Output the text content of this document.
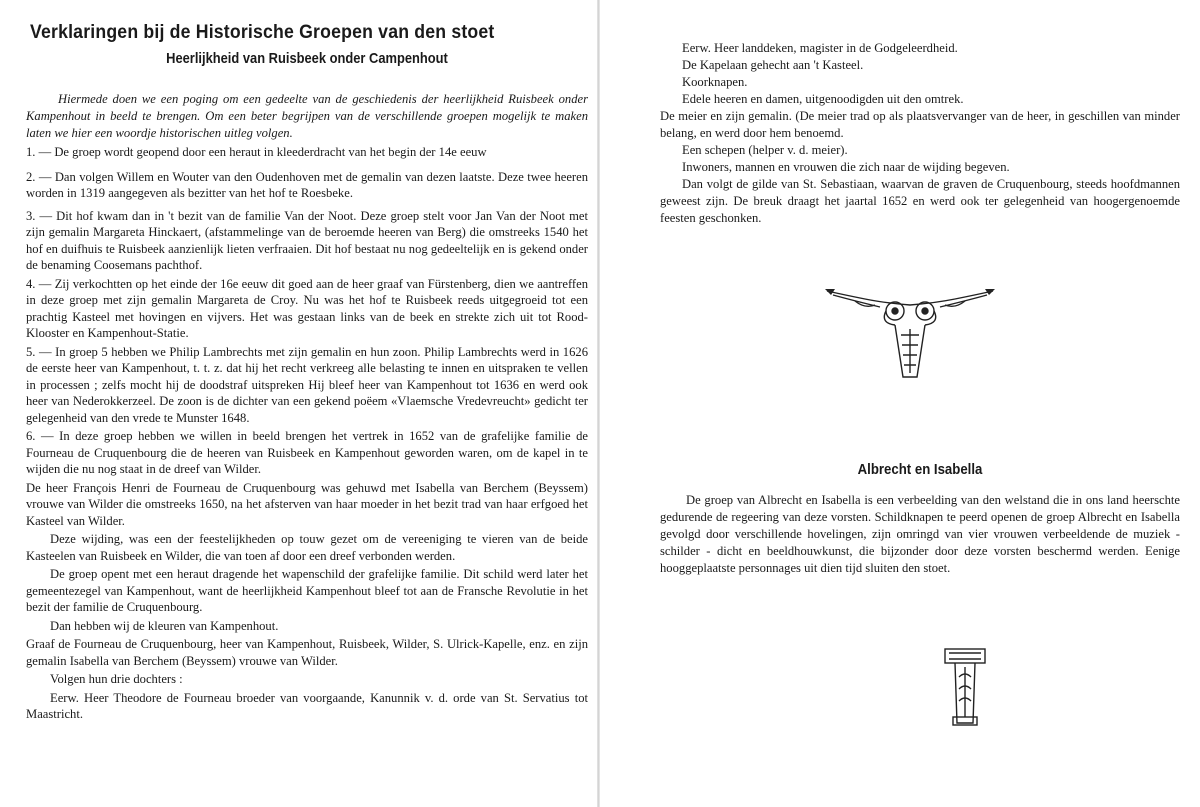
Verklaringen bij de Historische Groepen van den stoet
Heerlijkheid van Ruisbeek onder Campenhout

Hiermede doen we een poging om een gedeelte van de geschiedenis der heerlijkheid Ruisbeek onder Kampenhout in beeld te brengen. Om een beter begrijpen van de verschillende groepen mogelijk te maken laten we hier een woordje historischen uitleg volgen.

1. — De groep wordt geopend door een heraut in kleederdracht van het begin der 14e eeuw

2. — Dan volgen Willem en Wouter van den Oudenhoven met de gemalin van dezen laatste. Deze twee heeren worden in 1319 aangegeven als bezitter van het hof te Roesbeke.

3. — Dit hof kwam dan in 't bezit van de familie Van der Noot. Deze groep stelt voor Jan Van der Noot met zijn gemalin Margareta Hinckaert, (afstammelinge van de beroemde heeren van Berg) die omstreeks 1540 het hof en duifhuis te Ruisbeek aanzienlijk lieten verfraaien. Dit hof bestaat nu nog gedeeltelijk en is gekend onder de benaming Coosemans pachthof.

4. — Zij verkochtten op het einde der 16e eeuw dit goed aan de heer graaf van Fürstenberg, dien we aantreffen in deze groep met zijn gemalin Margareta de Croy. Nu was het hof te Ruisbeek reeds uitgegroeid tot een prachtig Kasteel met hovingen en vijvers. Het was gestaan links van de beek en strekte zich uit tot Rood-Klooster en Kampenhout-Statie.

5. — In groep 5 hebben we Philip Lambrechts met zijn gemalin en hun zoon. Philip Lambrechts werd in 1626 de eerste heer van Kampenhout, t. t. z. dat hij het recht verkreeg alle belasting te innen en uitspraken te vellen in processen ; zelfs mocht hij de doodstraf uitspreken Hij bleef heer van Kampenhout tot 1636 en werd ook heer van Nederokkerzeel. De zoon is de dichter van een gekend poëem «Vlaemsche Vredevreucht» gedicht ter gelegenheid van den vrede te Munster 1648.

6. — In deze groep hebben we willen in beeld brengen het vertrek in 1652 van de grafelijke familie de Fourneau de Cruquenbourg die de heeren van Ruisbeek en Kampenhout geworden waren, om de kapel in te wijden die nu nog staat in de dreef van Wilder.

De heer François Henri de Fourneau de Cruquenbourg was gehuwd met Isabella van Berchem (Beyssem) vrouwe van Wilder die omstreeks 1650, na het afsterven van haar moeder in het bezit trad van haar erfgoed het Kasteel van Wilder.

Deze wijding, was een der feestelijkheden op touw gezet om de vereeniging te vieren van de beide Kasteelen van Ruisbeek en Wilder, die van toen af door een dreef verbonden werden.

De groep opent met een heraut dragende het wapenschild der grafelijke familie. Dit schild werd later het gemeentezegel van Kampenhout, want de heerlijkheid Kampenhout bleef tot aan de Fransche Revolutie in het bezit der familie de Cruquenbourg.

Dan hebben wij de kleuren van Kampenhout.

Graaf de Fourneau de Cruquenbourg, heer van Kampenhout, Ruisbeek, Wilder, S. Ulrick-Kapelle, enz. en zijn gemalin Isabella van Berchem (Beyssem) vrouwe van Wilder.

Volgen hun drie dochters :

Eerw. Heer Theodore de Fourneau broeder van voorgaande, Kanunnik v. d. orde van St. Servatius tot Maastricht.

Eerw. Heer landdeken, magister in de Godgeleerdheid.

De Kapelaan gehecht aan 't Kasteel.

Koorknapen.

Edele heeren en damen, uitgenoodigden uit den omtrek.

De meier en zijn gemalin. (De meier trad op als plaatsvervanger van de heer, in geschillen van minder belang, en werd door hem benoemd.

Een schepen (helper v. d. meier).

Inwoners, mannen en vrouwen die zich naar de wijding begeven.

Dan volgt de gilde van St. Sebastiaan, waarvan de graven de Cruquenbourg, steeds hoofdmannen geweest zijn. De breuk draagt het jaartal 1652 en werd ook ter gelegenheid van hoogergenoemde feesten geschonken.

Albrecht en Isabella

De groep van Albrecht en Isabella is een verbeelding van den welstand die in ons land heerschte gedurende de regeering van deze vorsten. Schildknapen te peerd openen de groep Albrecht en Isabella gevolgd door verschillende hovelingen, zijn omringd van vier vrouwen verbeeldende de muziek - schilder - dicht en beeldhouwkunst, die bijzonder door deze vorsten beschermd werden. Eenige hooggeplaatste personnages uit dien tijd sluiten den stoet.
